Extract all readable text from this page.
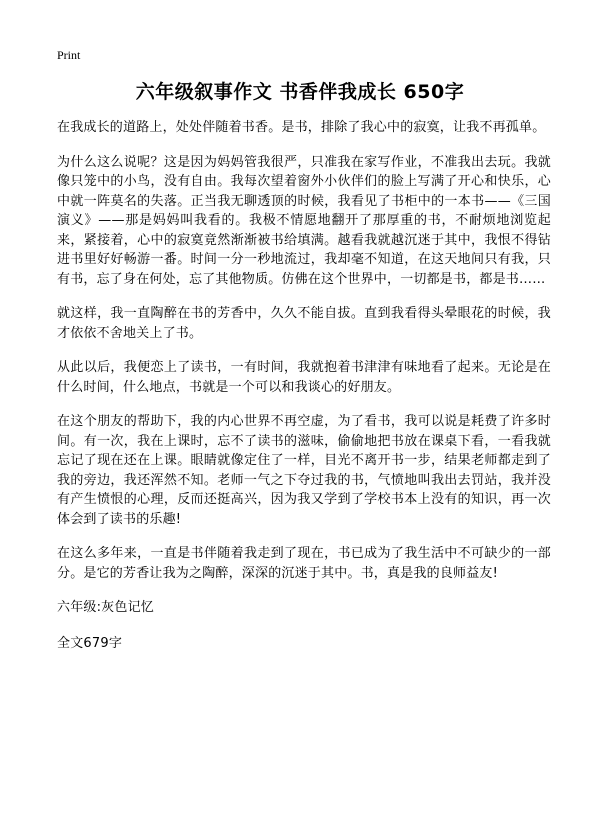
Print
六年级叙事作文 书香伴我成长 650字

在我成长的道路上，处处伴随着书香。是书，排除了我心中的寂寞，让我不再孤单。

为什么这么说呢？这是因为妈妈管我很严，只准我在家写作业，不准我出去玩。我就像只笼中的小鸟，没有自由。我每次望着窗外小伙伴们的脸上写满了开心和快乐，心中就一阵莫名的失落。正当我无聊透顶的时候，我看见了书柜中的一本书——《三国演义》——那是妈妈叫我看的。我极不情愿地翻开了那厚重的书，不耐烦地浏览起来，紧接着，心中的寂寞竟然渐渐被书给填满。越看我就越沉迷于其中，我恨不得钻进书里好好畅游一番。时间一分一秒地流过，我却毫不知道，在这天地间只有我，只有书，忘了身在何处，忘了其他物质。仿佛在这个世界中，一切都是书，都是书……

就这样，我一直陶醉在书的芳香中，久久不能自拔。直到我看得头晕眼花的时候，我才依依不舍地关上了书。

从此以后，我便恋上了读书，一有时间，我就抱着书津津有味地看了起来。无论是在什么时间，什么地点，书就是一个可以和我谈心的好朋友。

在这个朋友的帮助下，我的内心世界不再空虚，为了看书，我可以说是耗费了许多时间。有一次，我在上课时，忘不了读书的滋味，偷偷地把书放在课桌下看，一看我就忘记了现在还在上课。眼睛就像定住了一样，目光不离开书一步，结果老师都走到了我的旁边，我还浑然不知。老师一气之下夺过我的书，气愤地叫我出去罚站，我并没有产生愤恨的心理，反而还挺高兴，因为我又学到了学校书本上没有的知识，再一次体会到了读书的乐趣!

在这么多年来，一直是书伴随着我走到了现在，书已成为了我生活中不可缺少的一部分。是它的芳香让我为之陶醉，深深的沉迷于其中。书，真是我的良师益友!

六年级:灰色记忆

全文679字
